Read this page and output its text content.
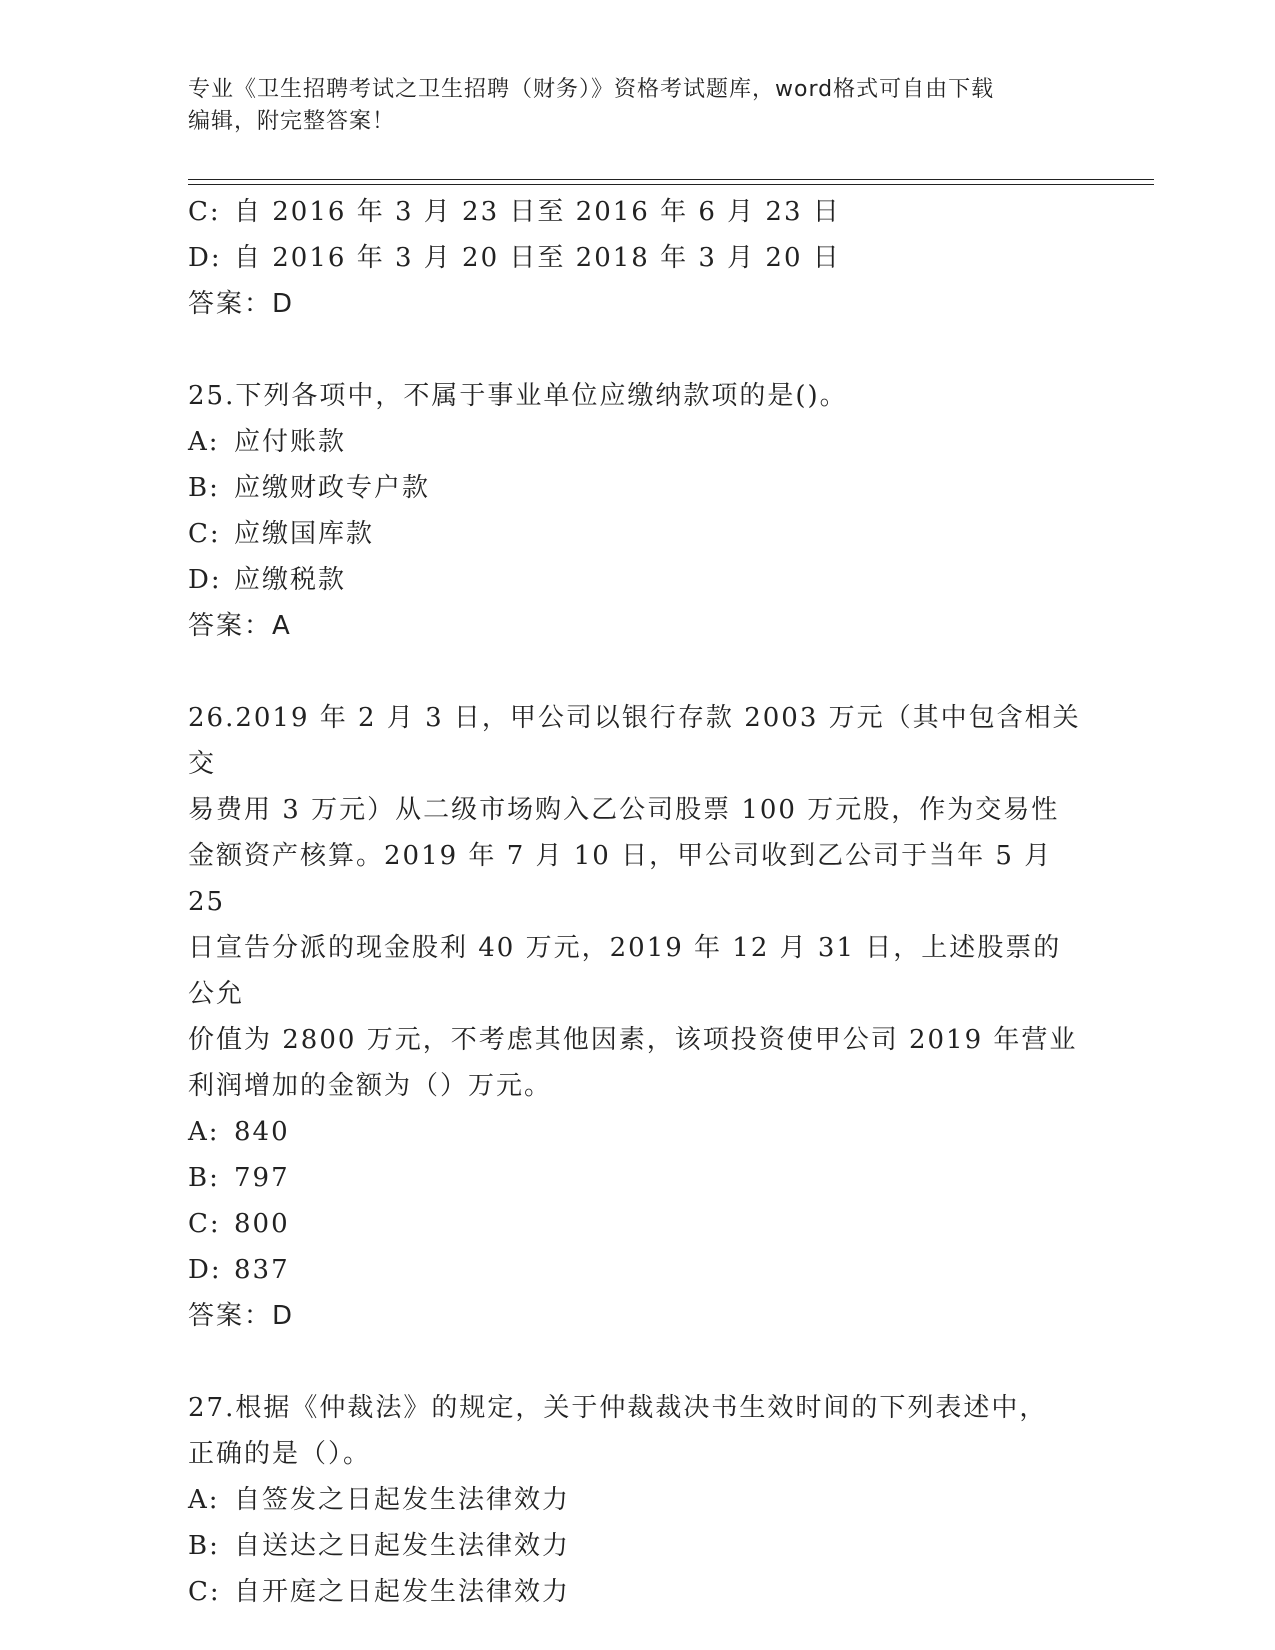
专业《卫生招聘考试之卫生招聘（财务）》资格考试题库，word格式可自由下载
编辑，附完整答案！
C: 自 2016 年 3 月 23 日至 2016 年 6 月 23 日
D: 自 2016 年 3 月 20 日至 2018 年 3 月 20 日
答案：D
25.下列各项中，不属于事业单位应缴纳款项的是()。
A: 应付账款
B: 应缴财政专户款
C: 应缴国库款
D: 应缴税款
答案：A
26.2019 年 2 月 3 日，甲公司以银行存款 2003 万元（其中包含相关交
易费用 3 万元）从二级市场购入乙公司股票 100 万元股，作为交易性
金额资产核算。2019 年 7 月 10 日，甲公司收到乙公司于当年 5 月 25
日宣告分派的现金股利 40 万元，2019 年 12 月 31 日，上述股票的公允
价值为 2800 万元，不考虑其他因素，该项投资使甲公司 2019 年营业
利润增加的金额为（）万元。
A: 840
B: 797
C: 800
D: 837
答案：D
27.根据《仲裁法》的规定，关于仲裁裁决书生效时间的下列表述中，
正确的是（）。
A: 自签发之日起发生法律效力
B: 自送达之日起发生法律效力
C: 自开庭之日起发生法律效力
